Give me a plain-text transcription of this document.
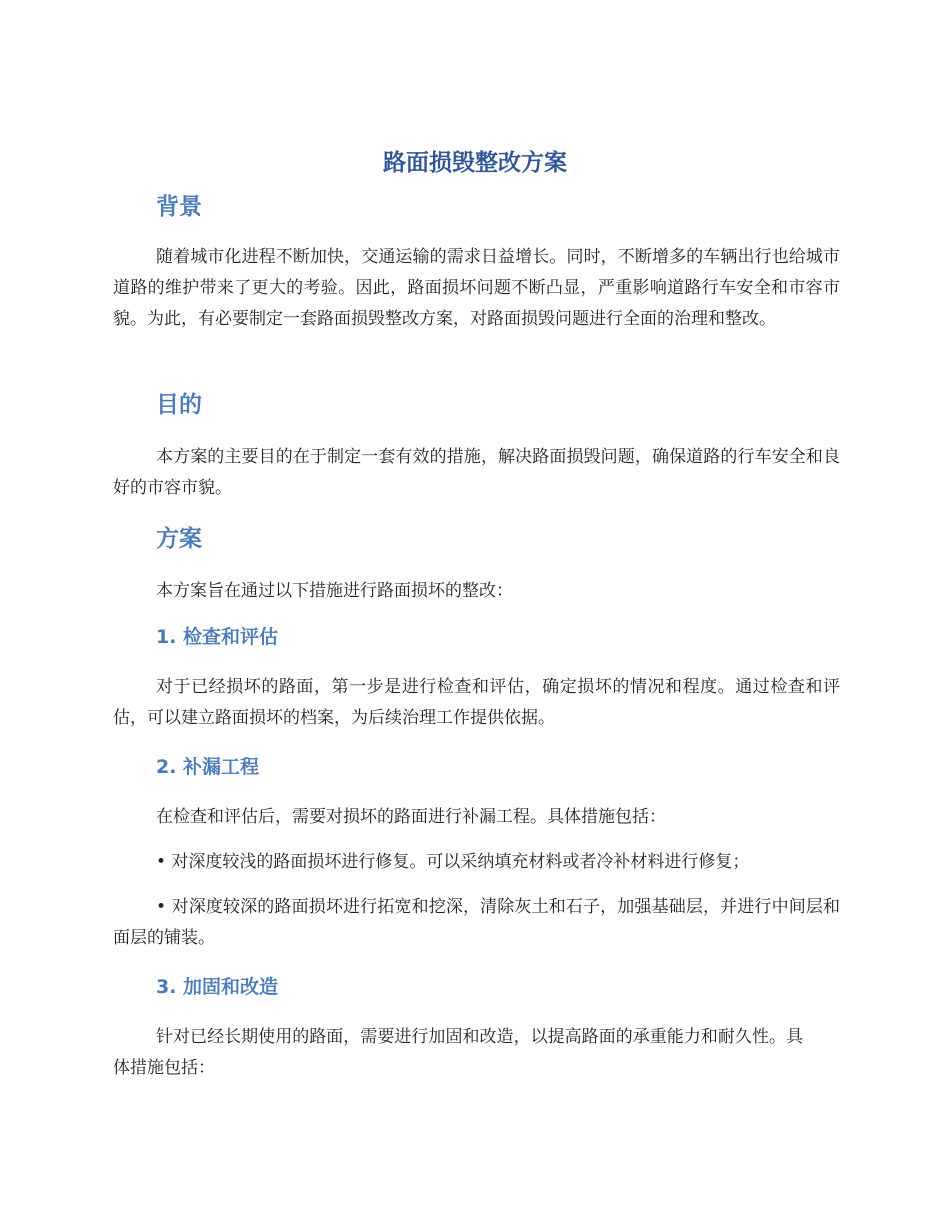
路面损毁整改方案
背景

随着城市化进程不断加快，交通运输的需求日益增长。同时，不断增多的车辆出行也给城市道路的维护带来了更大的考验。因此，路面损坏问题不断凸显，严重影响道路行车安全和市容市貌。为此，有必要制定一套路面损毁整改方案，对路面损毁问题进行全面的治理和整改。

目的

本方案的主要目的在于制定一套有效的措施，解决路面损毁问题，确保道路的行车安全和良好的市容市貌。

方案

本方案旨在通过以下措施进行路面损坏的整改：

1. 检查和评估

对于已经损坏的路面，第一步是进行检查和评估，确定损坏的情况和程度。通过检查和评估，可以建立路面损坏的档案，为后续治理工作提供依据。

2. 补漏工程

在检查和评估后，需要对损坏的路面进行补漏工程。具体措施包括：

• 对深度较浅的路面损坏进行修复。可以采纳填充材料或者冷补材料进行修复；

• 对深度较深的路面损坏进行拓宽和挖深，清除灰土和石子，加强基础层，并进行中间层和面层的铺装。

3. 加固和改造

针对已经长期使用的路面，需要进行加固和改造，以提高路面的承重能力和耐久性。具体措施包括：
